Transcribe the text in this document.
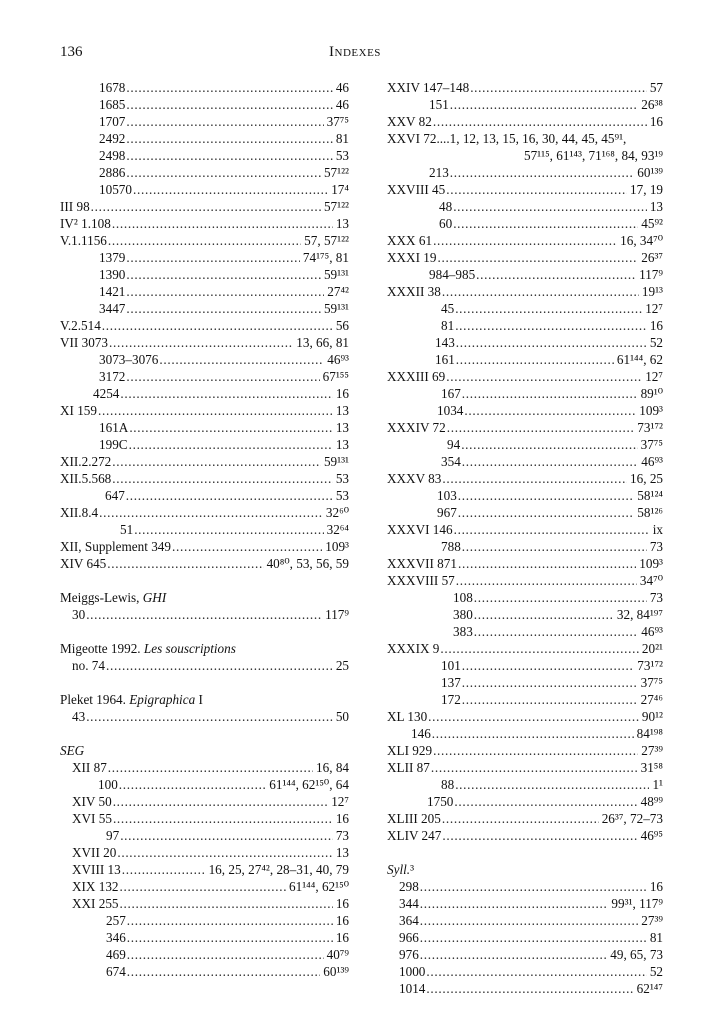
136	Indexes
1678 . . .	46
1685 . . .	46
1707 . . .	37⁷⁵
2492 . . .	81
2498 . . .	53
2886 . . .	57¹²²
10570 . . .	17⁴
III 98 . . .	57¹²²
IV² 1.108 . . .	13
V.1.1156 . . .	57, 57¹²²
1379 . . .	74¹⁷⁵, 81
1390 . . .	59¹³¹
1421 . . .	27⁴²
3447 . . .	59¹³¹
V.2.514 . . .	56
VII 3073 . . .	13, 66, 81
3073–3076 . . .	46⁹³
3172 . . .	67¹⁵⁵
4254 . . .	16
XI 159 . . .	13
161A . . .	13
199C . . .	13
XII.2.272 . . .	59¹³¹
XII.5.568 . . .	53
647 . . .	53
XII.8.4 . . .	32⁶⁰
51 . . .	32⁶⁴
XII, Supplement 349 . . .	109³
XIV 645 . . .	40⁸⁰, 53, 56, 59
Meiggs-Lewis, GHI
30 . . .	117⁹
Migeotte 1992. Les souscriptions
no. 74 . . .	25
Pleket 1964. Epigraphica I
43 . . .	50
SEG
XII 87 . . .	16, 84
100 . . .	61¹⁴⁴, 62¹⁵⁰, 64
XIV 50 . . .	12⁷
XVI 55 . . .	16
97 . . .	73
XVII 20 . . .	13
XVIII 13 . . .	16, 25, 27⁴², 28–31, 40, 79
XIX 132 . . .	61¹⁴⁴, 62¹⁵⁰
XXI 255 . . .	16
257 . . .	16
346 . . .	16
469 . . .	40⁷⁹
674 . . .	60¹³⁹
XXIV 147–148 . . .	57
151 . . .	26³⁸
XXV 82 . . .	16
XXVI 72....1, 12, 13, 15, 16, 30, 44, 45, 45⁹¹,
57¹¹⁵, 61¹⁴³, 71¹⁶⁸, 84, 93¹⁹
213 . . .	60¹³⁹
XXVIII 45 . . .	17, 19
48 . . .	13
60 . . .	45⁹²
XXX 61 . . .	16, 34⁷⁰
XXXI 19 . . .	26³⁷
984–985 . . .	117⁹
XXXII 38 . . .	19¹³
45 . . .	12⁷
81 . . .	16
143 . . .	52
161 . . .	61¹⁴⁴, 62
XXXIII 69 . . .	12⁷
167 . . .	89¹⁰
1034 . . .	109³
XXXIV 72 . . .	73¹⁷²
94 . . .	37⁷⁵
354 . . .	46⁹³
XXXV 83 . . .	16, 25
103 . . .	58¹²⁴
967 . . .	58¹²⁶
XXXVI 146 . . .	ix
788 . . .	73
XXXVII 871 . . .	109³
XXXVIII 57 . . .	34⁷⁰
108 . . .	73
380 . . .	32, 84¹⁹⁷
383 . . .	46⁹³
XXXIX 9 . . .	20²¹
101 . . .	73¹⁷²
137 . . .	37⁷⁵
172 . . .	27⁴⁶
XL 130 . . .	90¹²
146 . . .	84¹⁹⁸
XLI 929 . . .	27³⁹
XLII 87 . . .	31⁵⁸
88 . . .	1¹
1750 . . .	48⁹⁹
XLIII 205 . . .	26³⁷, 72–73
XLIV 247 . . .	46⁹⁵
Syll.³
298 . . .	16
344 . . .	99³¹, 117⁹
364 . . .	27³⁹
966 . . .	81
976 . . .	49, 65, 73
1000 . . .	52
1014 . . .	62¹⁴⁷
